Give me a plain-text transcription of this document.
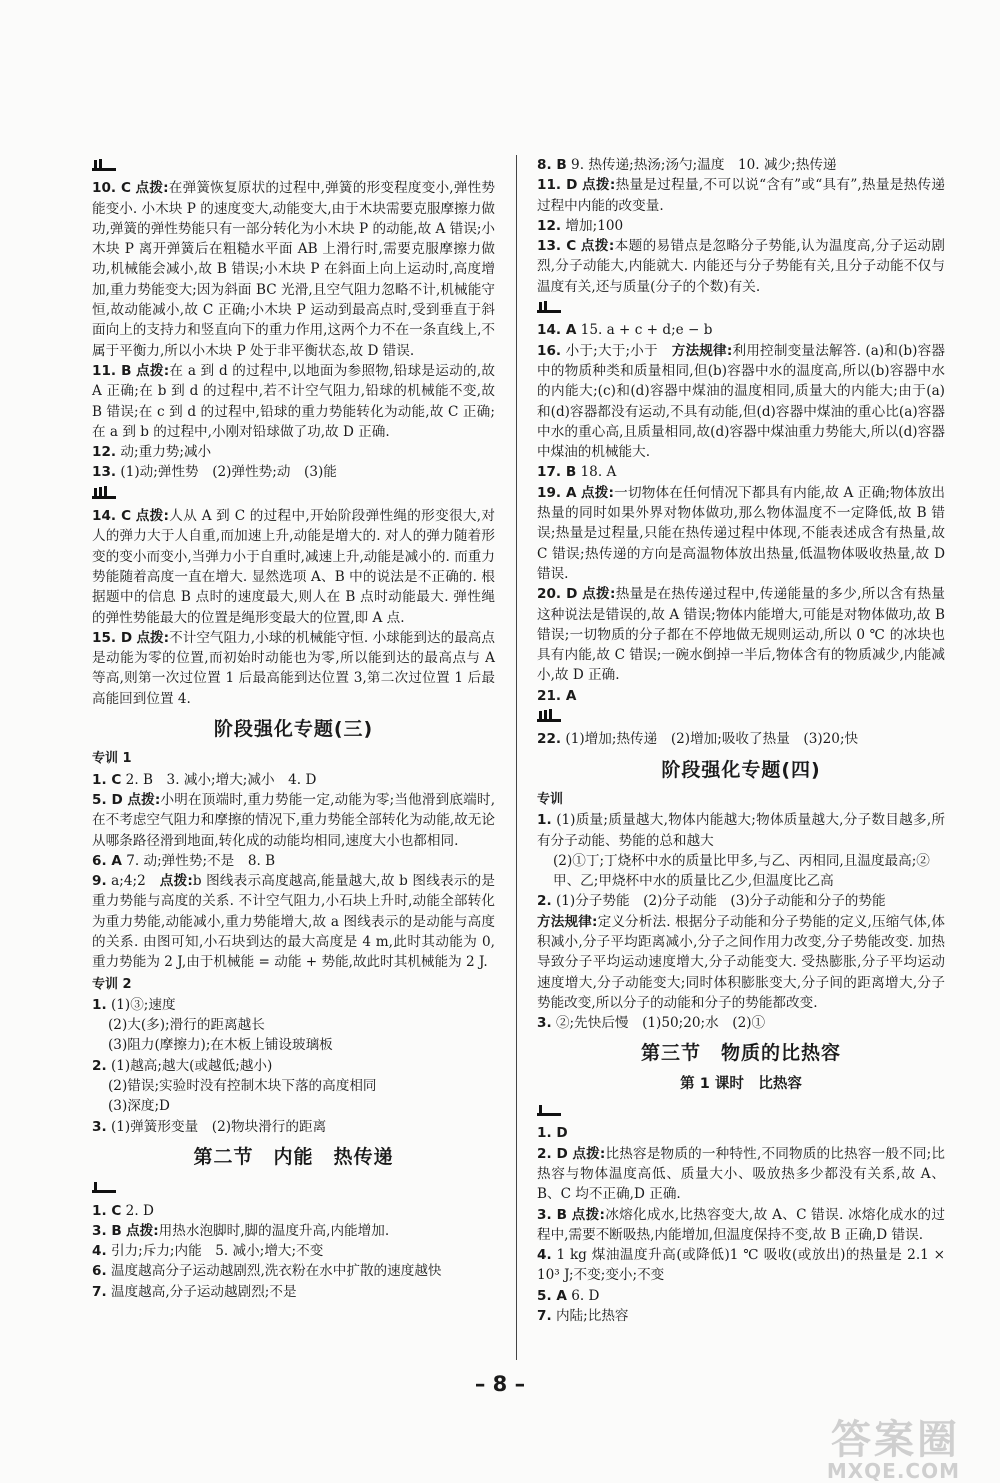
10. C 点拨:在弹簧恢复原状的过程中,弹簧的形变程度变小,弹性势能变小. 小木块 P 的速度变大,动能变大,由于木块需要克服摩擦力做功,弹簧的弹性势能只有一部分转化为小木块 P 的动能,故 A 错误;小木块 P 离开弹簧后在粗糙水平面 AB 上滑行时,需要克服摩擦力做功,机械能会减小,故 B 错误;小木块 P 在斜面上向上运动时,高度增加,重力势能变大;因为斜面 BC 光滑,且空气阻力忽略不计,机械能守恒,故动能减小,故 C 正确;小木块 P 运动到最高点时,受到垂直于斜面向上的支持力和竖直向下的重力作用,这两个力不在一条直线上,不属于平衡力,所以小木块 P 处于非平衡状态,故 D 错误.

11. B 点拨:在 a 到 d 的过程中,以地面为参照物,铅球是运动的,故 A 正确;在 b 到 d 的过程中,若不计空气阻力,铅球的机械能不变,故 B 错误;在 c 到 d 的过程中,铅球的重力势能转化为动能,故 C 正确;在 a 到 b 的过程中,小刚对铅球做了功,故 D 正确.

12. 动;重力势;减小

13. (1)动;弹性势　(2)弹性势;动　(3)能

14. C 点拨:人从 A 到 C 的过程中,开始阶段弹性绳的形变很大,对人的弹力大于人自重,而加速上升,动能是增大的. 对人的弹力随着形变的变小而变小,当弹力小于自重时,减速上升,动能是减小的. 而重力势能随着高度一直在增大. 显然选项 A、B 中的说法是不正确的. 根据题中的信息 B 点时的速度最大,则人在 B 点时动能最大. 弹性绳的弹性势能最大的位置是绳形变最大的位置,即 A 点.

15. D 点拨:不计空气阻力,小球的机械能守恒. 小球能到达的最高点是动能为零的位置,而初始时动能也为零,所以能到达的最高点与 A 等高,则第一次过位置 1 后最高能到达位置 3,第二次过位置 1 后最高能回到位置 4.

阶段强化专题(三)
专训 1

1. C 2. B　3. 减小;增大;减小　4. D

5. D 点拨:小明在顶端时,重力势能一定,动能为零;当他滑到底端时,在不考虑空气阻力和摩擦的情况下,重力势能全部转化为动能,故无论从哪条路径滑到地面,转化成的动能均相同,速度大小也都相同.

6. A 7. 动;弹性势;不是　8. B

9. a;4;2　 点拨:b 图线表示高度越高,能量越大,故 b 图线表示的是重力势能与高度的关系. 不计空气阻力,小石块上升时,动能全部转化为重力势能,动能减小,重力势能增大,故 a 图线表示的是动能与高度的关系. 由图可知,小石块到达的最大高度是 4 m,此时其动能为 0,重力势能为 2 J,由于机械能 = 动能 + 势能,故此时其机械能为 2 J.

专训 2

1. (1)③;速度

(2)大(多);滑行的距离越长

(3)阻力(摩擦力);在木板上铺设玻璃板

2. (1)越高;越大(或越低;越小)

(2)错误;实验时没有控制木块下落的高度相同

(3)深度;D

3. (1)弹簧形变量　(2)物块滑行的距离

第二节　内能　热传递

1. C 2. D

3. B 点拨:用热水泡脚时,脚的温度升高,内能增加.

4. 引力;斥力;内能　5. 减小;增大;不变

6. 温度越高分子运动越剧烈,洗衣粉在水中扩散的速度越快

7. 温度越高,分子运动越剧烈;不是

8. B 9. 热传递;热汤;汤勺;温度　10. 减少;热传递

11. D 点拨:热量是过程量,不可以说“含有”或“具有”,热量是热传递过程中内能的改变量.

12. 增加;100

13. C 点拨:本题的易错点是忽略分子势能,认为温度高,分子运动剧烈,分子动能大,内能就大. 内能还与分子势能有关,且分子动能不仅与温度有关,还与质量(分子的个数)有关.

14. A 15. a + c + d;e − b

16. 小于;大于;小于　 方法规律:利用控制变量法解答. (a)和(b)容器中的物质种类和质量相同,但(b)容器中水的温度高,所以(b)容器中水的内能大;(c)和(d)容器中煤油的温度相同,质量大的内能大;由于(a)和(d)容器都没有运动,不具有动能,但(d)容器中煤油的重心比(a)容器中水的重心高,且质量相同,故(d)容器中煤油重力势能大,所以(d)容器中煤油的机械能大.

17. B 18. A

19. A 点拨:一切物体在任何情况下都具有内能,故 A 正确;物体放出热量的同时如果外界对物体做功,那么物体温度不一定降低,故 B 错误;热量是过程量,只能在热传递过程中体现,不能表述成含有热量,故 C 错误;热传递的方向是高温物体放出热量,低温物体吸收热量,故 D 错误.

20. D 点拨:热量是在热传递过程中,传递能量的多少,所以含有热量这种说法是错误的,故 A 错误;物体内能增大,可能是对物体做功,故 B 错误;一切物质的分子都在不停地做无规则运动,所以 0 ℃ 的冰块也具有内能,故 C 错误;一碗水倒掉一半后,物体含有的物质减少,内能减小,故 D 正确.

21. A

22. (1)增加;热传递　(2)增加;吸收了热量　(3)20;快

阶段强化专题(四)
专训

1. (1)质量;质量越大,物体内能越大;物体质量越大,分子数目越多,所有分子动能、势能的总和越大

(2)①丁;丁烧杯中水的质量比甲多,与乙、丙相同,且温度最高;②甲、乙;甲烧杯中水的质量比乙少,但温度比乙高

2. (1)分子势能　(2)分子动能　(3)分子动能和分子的势能

方法规律:定义分析法. 根据分子动能和分子势能的定义,压缩气体,体积减小,分子平均距离减小,分子之间作用力改变,分子势能改变. 加热导致分子平均运动速度增大,分子动能变大. 受热膨胀,分子平均运动速度增大,分子动能变大;同时体积膨胀变大,分子间的距离增大,分子势能改变,所以分子的动能和分子的势能都改变.

3. ②;先快后慢　(1)50;20;水　(2)①

第三节　物质的比热容
第 1 课时　比热容

1. D

2. D 点拨:比热容是物质的一种特性,不同物质的比热容一般不同;比热容与物体温度高低、质量大小、吸放热多少都没有关系,故 A、B、C 均不正确,D 正确.

3. B 点拨:冰熔化成水,比热容变大,故 A、C 错误. 冰熔化成水的过程中,需要不断吸热,内能增加,但温度保持不变,故 B 正确,D 错误.

4. 1 kg 煤油温度升高(或降低)1 ℃ 吸收(或放出)的热量是 2.1 × 10³ J;不变;变小;不变

5. A 6. D

7. 内陆;比热容

– 8 –
答案圈
MXQE.COM
